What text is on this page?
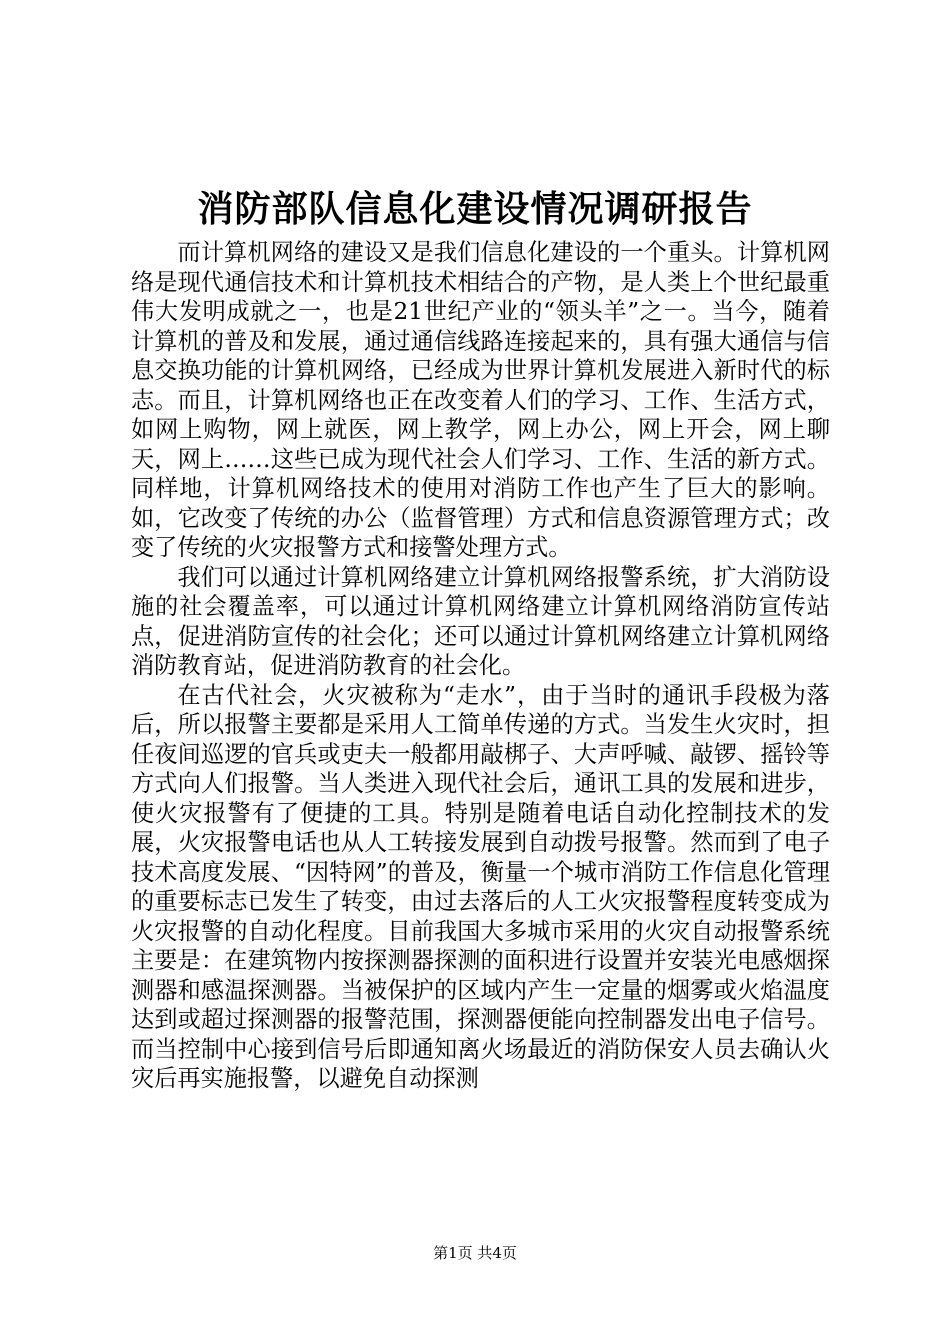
消防部队信息化建设情况调研报告

而计算机网络的建设又是我们信息化建设的一个重头。计算机网络是现代通信技术和计算机技术相结合的产物，是人类上个世纪最重伟大发明成就之一，也是21世纪产业的“领头羊”之一。当今，随着计算机的普及和发展，通过通信线路连接起来的，具有强大通信与信息交换功能的计算机网络，已经成为世界计算机发展进入新时代的标志。而且，计算机网络也正在改变着人们的学习、工作、生活方式，如网上购物，网上就医，网上教学，网上办公，网上开会，网上聊天，网上……这些已成为现代社会人们学习、工作、生活的新方式。同样地，计算机网络技术的使用对消防工作也产生了巨大的影响。如，它改变了传统的办公（监督管理）方式和信息资源管理方式；改变了传统的火灾报警方式和接警处理方式。

我们可以通过计算机网络建立计算机网络报警系统，扩大消防设施的社会覆盖率，可以通过计算机网络建立计算机网络消防宣传站点，促进消防宣传的社会化；还可以通过计算机网络建立计算机网络消防教育站，促进消防教育的社会化。

在古代社会，火灾被称为“走水”，由于当时的通讯手段极为落后，所以报警主要都是采用人工简单传递的方式。当发生火灾时，担任夜间巡逻的官兵或吏夫一般都用敲梆子、大声呼喊、敲锣、摇铃等方式向人们报警。当人类进入现代社会后，通讯工具的发展和进步，使火灾报警有了便捷的工具。特别是随着电话自动化控制技术的发展，火灾报警电话也从人工转接发展到自动拨号报警。然而到了电子技术高度发展、“因特网”的普及，衡量一个城市消防工作信息化管理的重要标志已发生了转变，由过去落后的人工火灾报警程度转变成为火灾报警的自动化程度。目前我国大多城市采用的火灾自动报警系统主要是：在建筑物内按探测器探测的面积进行设置并安装光电感烟探测器和感温探测器。当被保护的区域内产生一定量的烟雾或火焰温度达到或超过探测器的报警范围，探测器便能向控制器发出电子信号。而当控制中心接到信号后即通知离火场最近的消防保安人员去确认火灾后再实施报警，以避免自动探测

第1页 共4页
